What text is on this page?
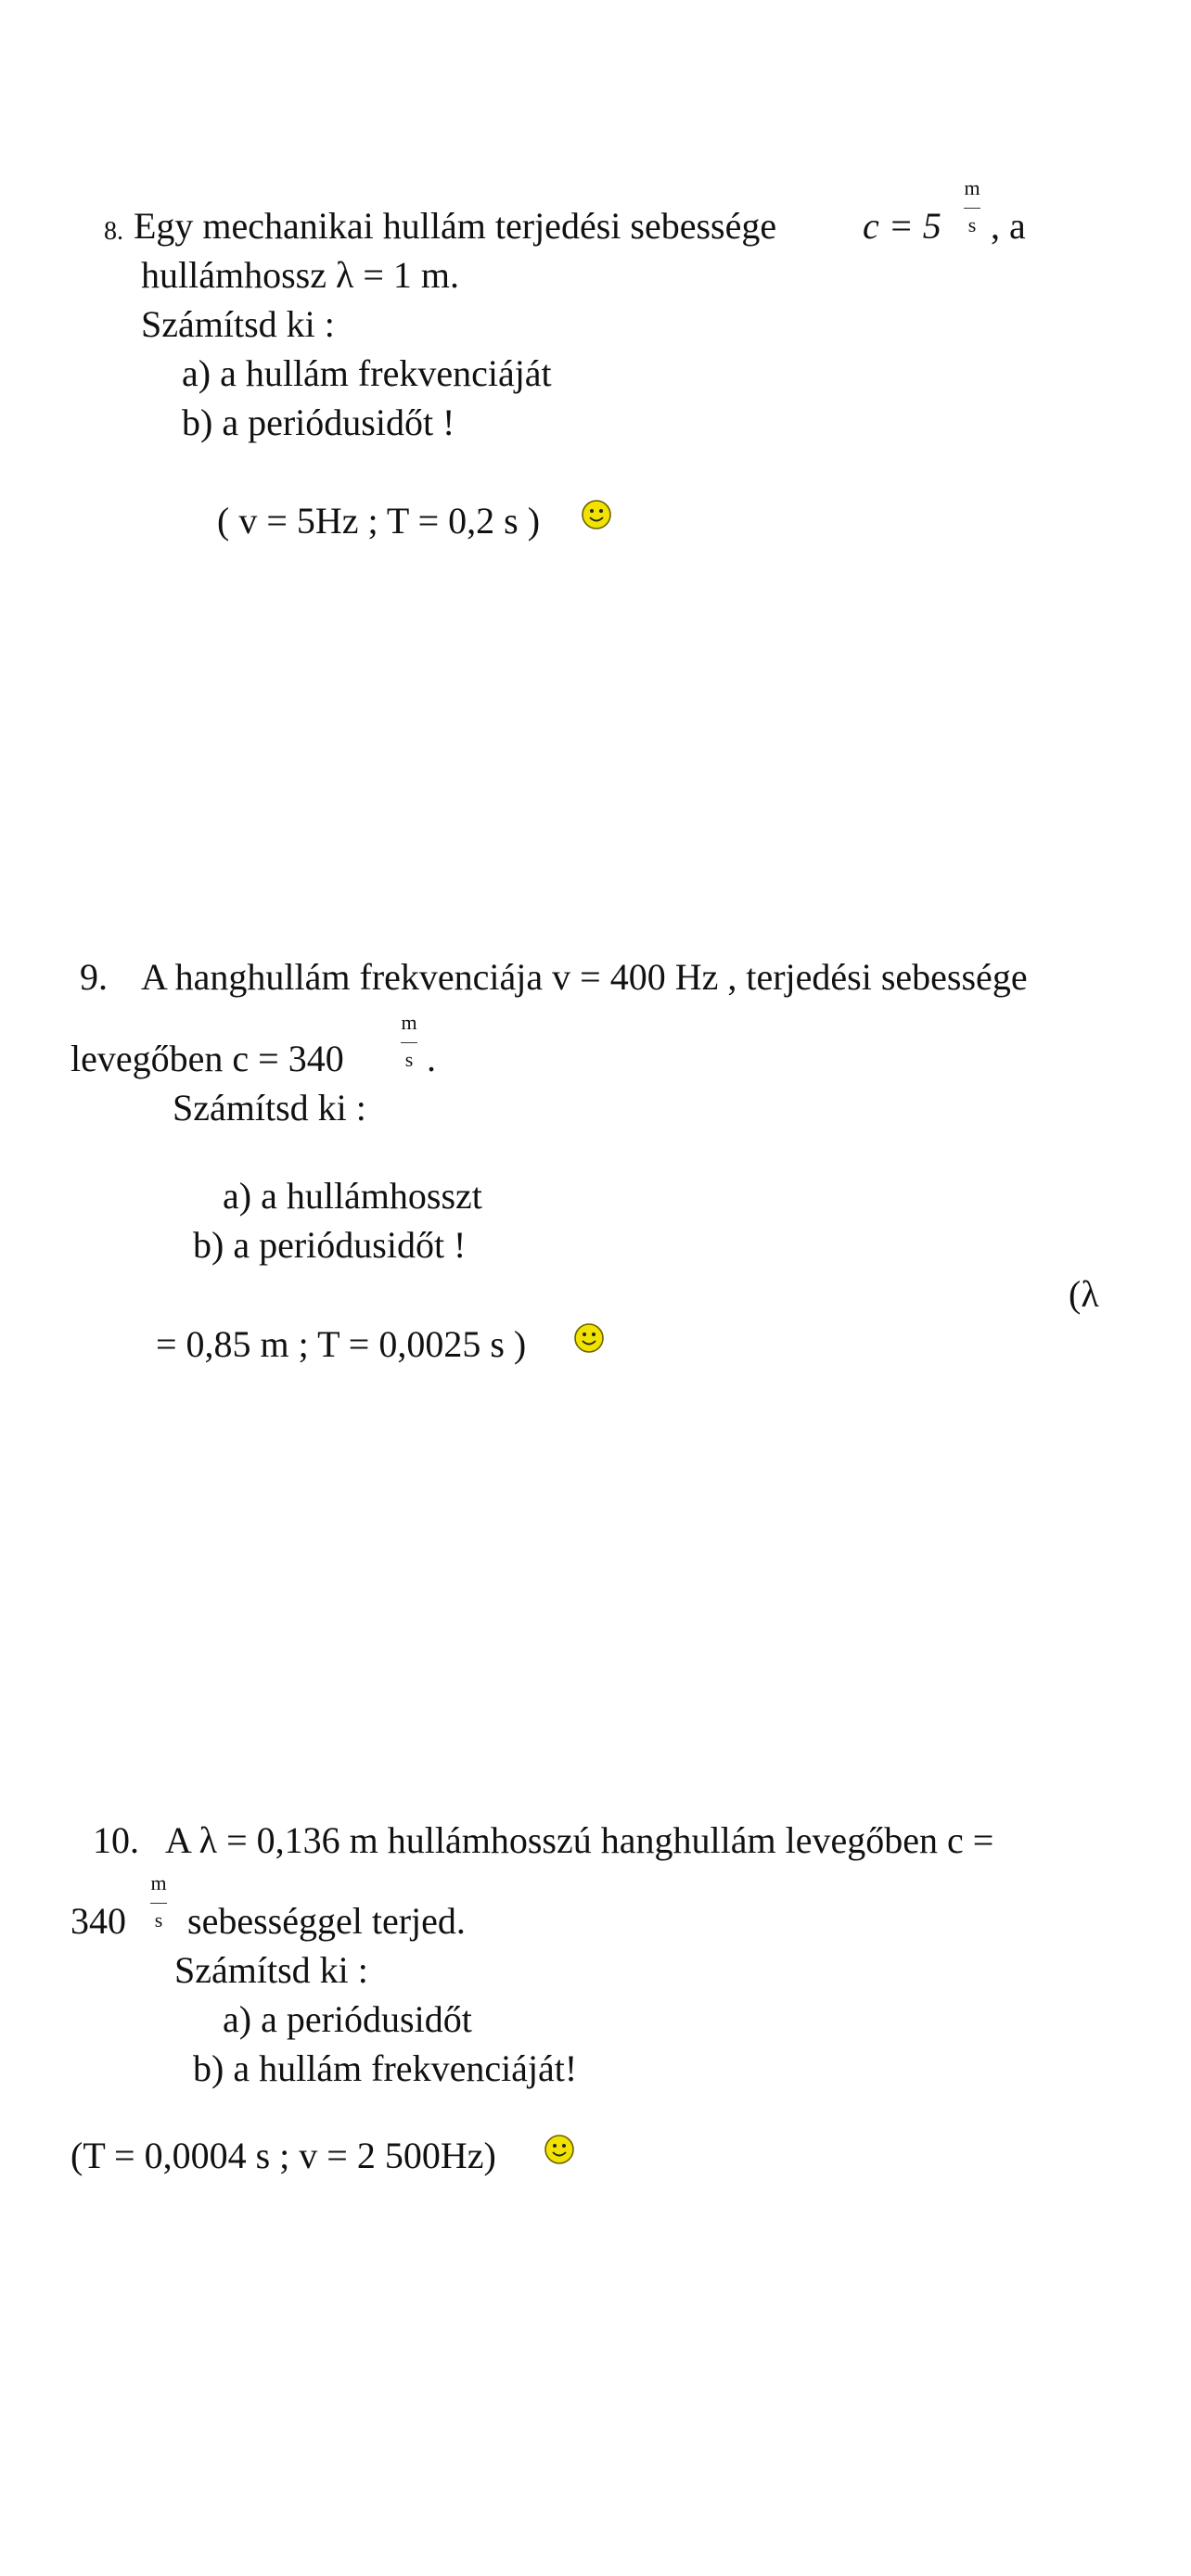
8. Egy mechanikai hullám terjedési sebessége c = 5
m
s , a
hullámhossz λ = 1 m.
Számítsd ki :
a) a hullám frekvenciáját
b) a periódusidőt !
( v = 5Hz ; T = 0,2 s )
9. A hanghullám frekvenciája v = 400 Hz , terjedési sebessége
levegőben c = 340
m
s .
Számítsd ki :
a) a hullámhosszt
b) a periódusidőt !
(λ
= 0,85 m ; T = 0,0025 s )
10. A λ = 0,136 m hullámhosszú hanghullám levegőben c =
340
m
s sebességgel terjed.
Számítsd ki :
a) a periódusidőt
b) a hullám frekvenciáját!
(T = 0,0004 s ; v = 2 500Hz)
